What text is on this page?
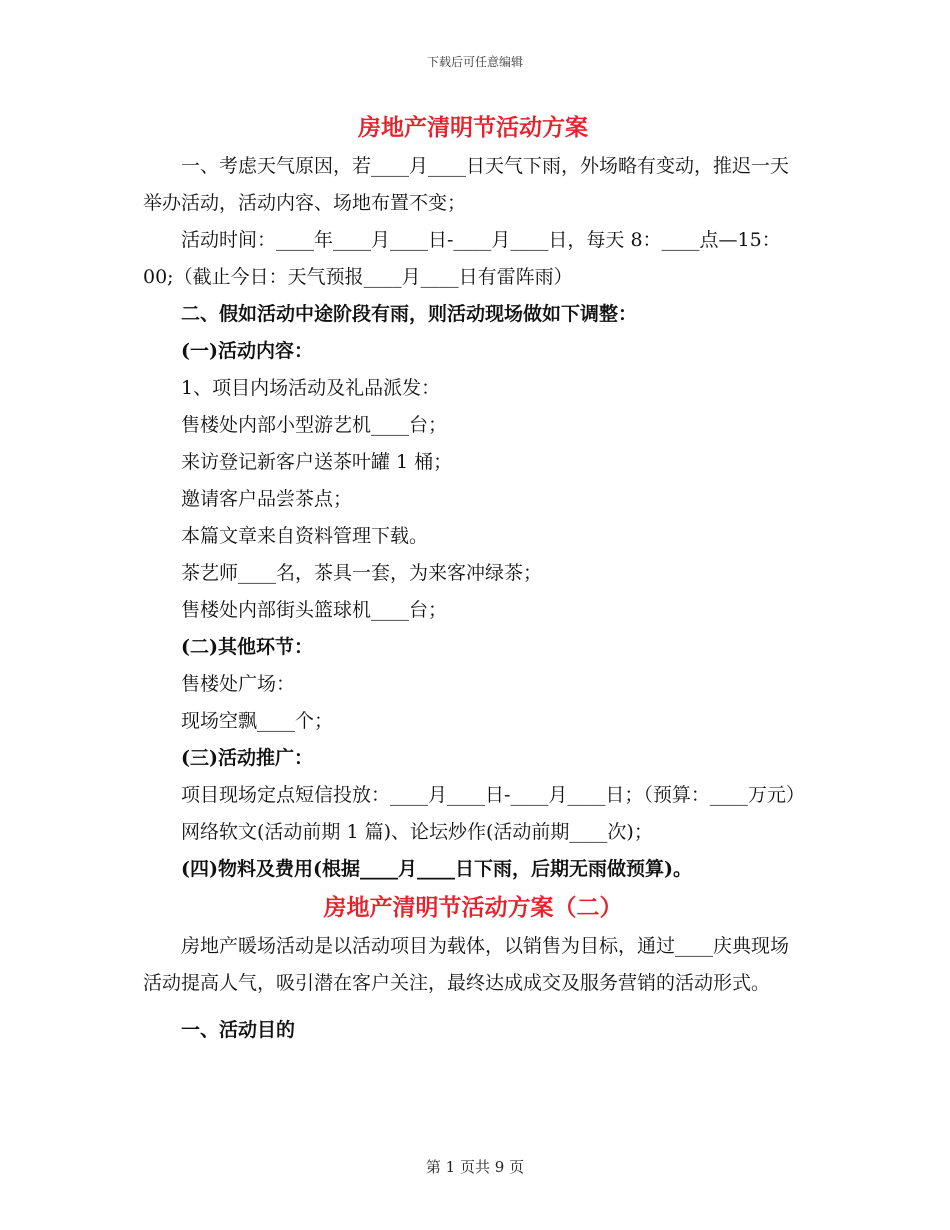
下载后可任意编辑
房地产清明节活动方案

一、考虑天气原因，若____月____日天气下雨，外场略有变动，推迟一天举办活动，活动内容、场地布置不变；

活动时间：____年____月____日-____月____日，每天 8：____点—15：00;（截止今日：天气预报____月____日有雷阵雨）

二、假如活动中途阶段有雨，则活动现场做如下调整：

(一)活动内容：

1、项目内场活动及礼品派发：

售楼处内部小型游艺机____台；

来访登记新客户送茶叶罐 1 桶；

邀请客户品尝茶点；

本篇文章来自资料管理下载。

茶艺师____名，茶具一套，为来客冲绿茶；

售楼处内部街头篮球机____台；

(二)其他环节：

售楼处广场：

现场空飘____个；

(三)活动推广：

项目现场定点短信投放：____月____日-____月____日；（预算：____万元）

网络软文(活动前期 1 篇)、论坛炒作(活动前期____次)；

(四)物料及费用(根据____月____日下雨，后期无雨做预算)。

房地产清明节活动方案（二）

房地产暖场活动是以活动项目为载体，以销售为目标，通过____庆典现场活动提高人气，吸引潜在客户关注，最终达成成交及服务营销的活动形式。

一、活动目的

第 1 页共 9 页
